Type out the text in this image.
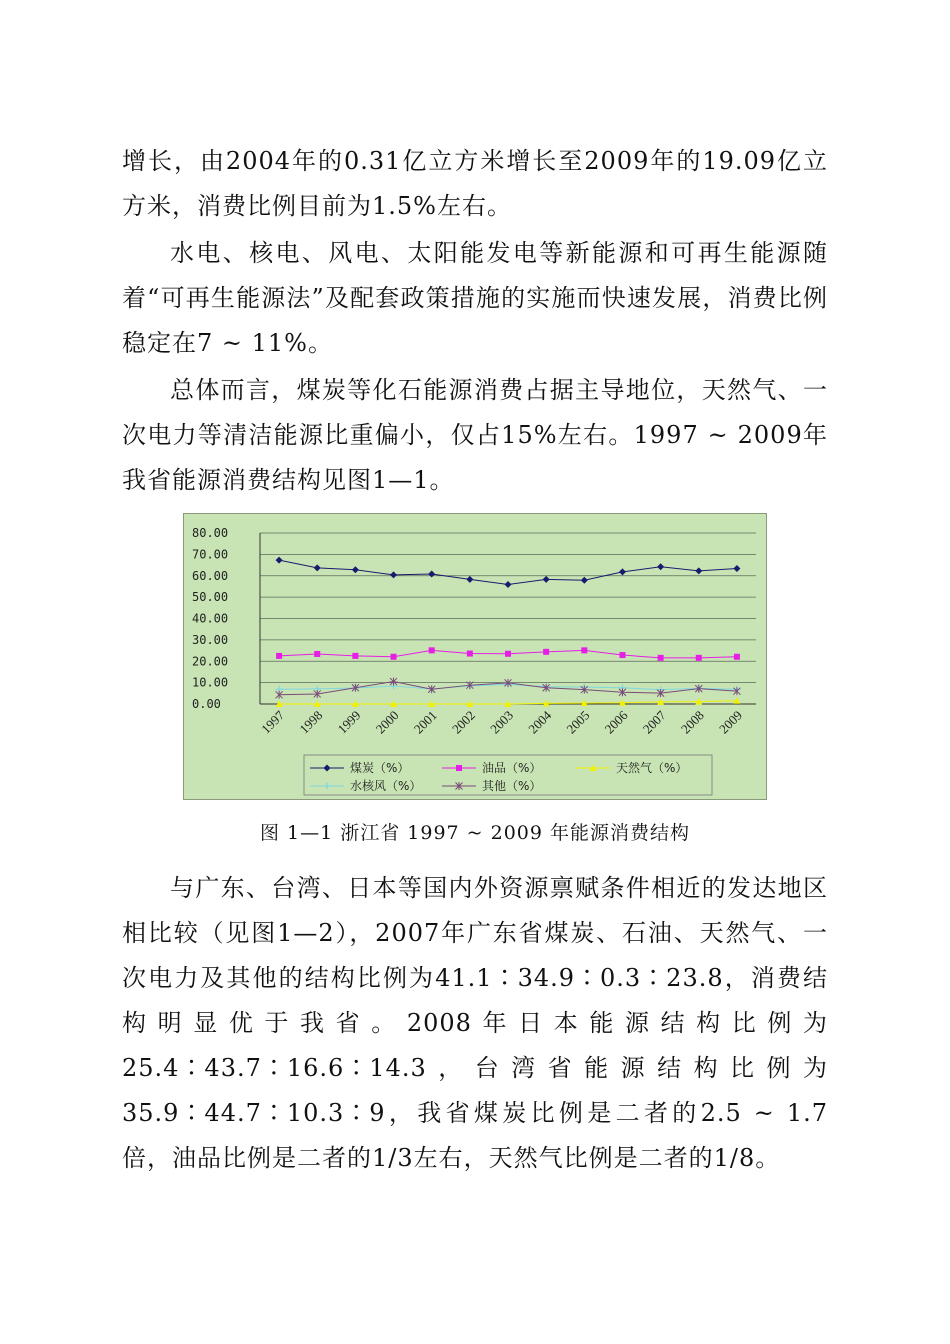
增长，由2004年的0.31亿立方米增长至2009年的19.09亿立方米，消费比例目前为1.5%左右。

水电、核电、风电、太阳能发电等新能源和可再生能源随着“可再生能源法”及配套政策措施的实施而快速发展，消费比例稳定在7 ~ 11%。

总体而言，煤炭等化石能源消费占据主导地位，天然气、一次电力等清洁能源比重偏小，仅占15%左右。1997 ~ 2009年我省能源消费结构见图1—1。

80.00
70.00
60.00
50.00
40.00
30.00
20.00
10.00
0.00
1997 1998 1999 2000 2001 2002 2003 2004 2005 2006 2007 2008 2009
煤炭（%）	油品（%）	天然气（%）
水核风（%）	其他（%）
图 1—1 浙江省 1997 ~ 2009 年能源消费结构

与广东、台湾、日本等国内外资源禀赋条件相近的发达地区相比较（见图1—2），2007年广东省煤炭、石油、天然气、一次电力及其他的结构比例为41.1∶34.9∶0.3∶23.8，消费结构明显优于我省。2008年日本能源结构比例为25.4∶43.7∶16.6∶14.3，台湾省能源结构比例为35.9∶44.7∶10.3∶9，我省煤炭比例是二者的2.5 ~ 1.7倍，油品比例是二者的1/3左右，天然气比例是二者的1/8。
